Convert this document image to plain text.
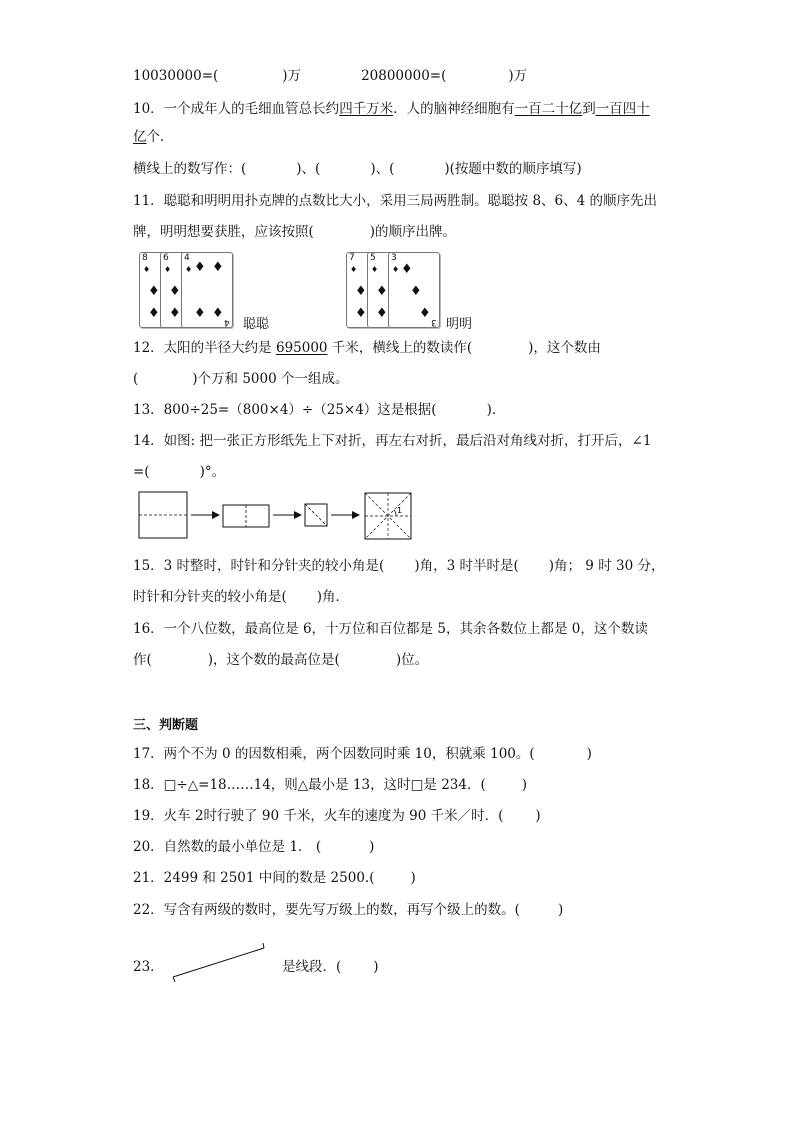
10030000=(	)万	20800000=(	)万
10．一个成年人的毛细血管总长约四千万米．人的脑神经细胞有一百二十亿到一百四十
亿个．
横线上的数写作：(	)、(	)、(	)(按题中数的顺序填写)
11．聪聪和明明用扑克牌的点数比大小，采用三局两胜制。聪聪按 8、6、4 的顺序先出
牌，明明想要获胜，应该按照(	)的顺序出牌。
8
♦
♦
♦
6
♦
♦
♦
4
♦ ♦ ♦
♦ ♦
4 聪聪
7
♦
♦
♦
5
♦
♦
♦
3
♦ ♦
♦
♦
3 明明
12．太阳的半径大约是 695000 千米，横线上的数读作(	)，这个数由
(	)个万和 5000 个一组成。
13．800÷25=（800×4）÷（25×4）这是根据(	)．
14．如图: 把一张正方形纸先上下对折，再左右对折，最后沿对角线对折，打开后，∠1
=(	)°。
1
15．3 时整时，时针和分针夹的较小角是( )角，3 时半时是( )角； 9 时 30 分，
时针和分针夹的较小角是( )角．
16．一个八位数，最高位是 6，十万位和百位都是 5，其余各数位上都是 0，这个数读
作(	)，这个数的最高位是(	)位。
三、判断题
17．两个不为 0 的因数相乘，两个因数同时乘 10，积就乘 100。(	)
18．□÷△=18……14，则△最小是 13，这时□是 234．(	)
19．火车 2时行驶了 90 千米，火车的速度为 90 千米／时．( )
20．自然数的最小单位是 1． (	)
21．2499 和 2501 中间的数是 2500.(	)
22．写含有两级的数时，要先写万级上的数，再写个级上的数。(	)
23．	是线段．( )
